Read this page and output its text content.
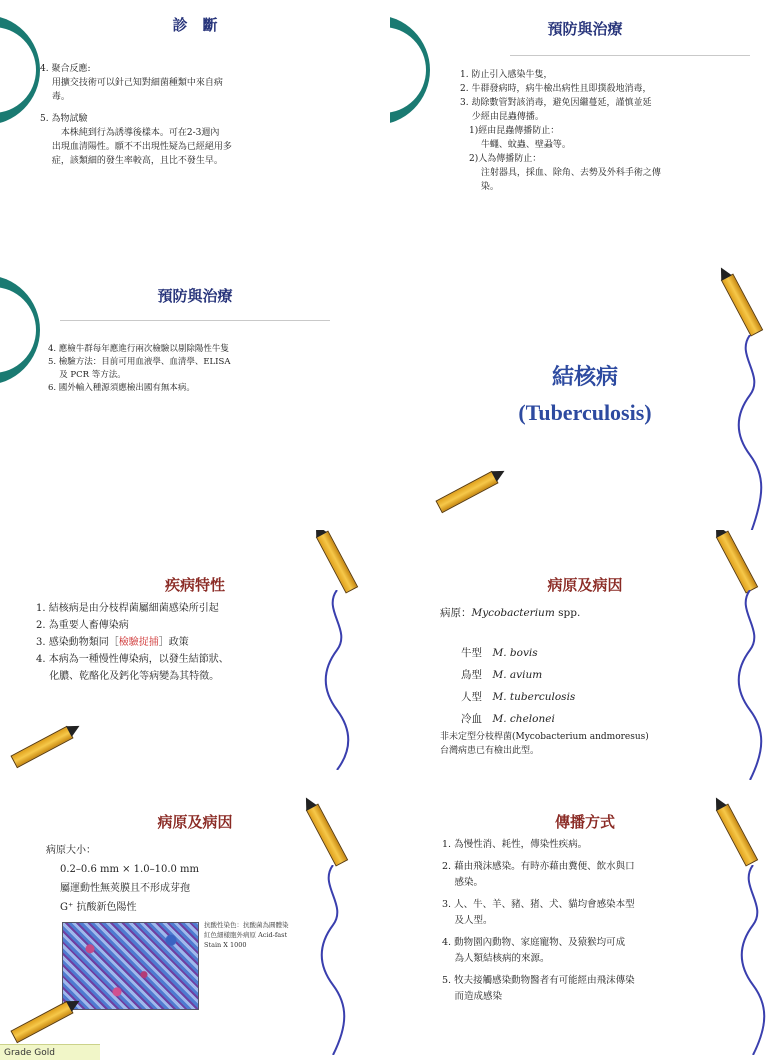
診　斷

4. 聚合反應:

　 用擴交技術可以針己知對細菌種類中來自病

　 毒。

5. 為物試驗

　 　本株純到行為誘導後樣本。可在2-3週內

　 出現血清陽性。願不不出現性疑為已經絕用多

　 症，該類細的發生率較高，且比不發生早。

預防與治療

1. 防止引入感染牛隻，

2. 牛群發病時，病牛檢出病性且即撲殺地消毒，

3. 劫除數管對該消毒，避免因繼蔓延，謹慎並延

　 少經由昆蟲傳播。

　1)經由昆蟲傳播防止：

　　 牛蠅、蚊蟲、壁蝨等。

　2)人為傳播防止：

　　 注射器具，採血、除角、去勢及外科手術之傳

　　 染。

預防與治療

4. 應檢牛群每年應進行兩次檢驗以剔除陽性牛隻

5. 檢驗方法：目前可用血液學、血清學、ELISA

　 及 PCR 等方法。

6. 國外輸入種源須應檢出國有無本病。	結核病
(Tuberculosis)
疾病特性

1. 結核病是由分枝桿菌屬細菌感染所引起

2. 為重要人畜傳染病

3. 感染動物類同［檢驗捉捕］政策

4. 本病為一種慢性傳染病，以發生結節狀、

　 化膿、乾酪化及鈣化等病變為其特徵。

病原及病因

病原：Mycobacterium spp.

　　牛型　 M. bovis

　　鳥型　 M. avium

　　人型　 M. tuberculosis

　　冷血　 M. chelonei

非未定型分枝桿菌(Mycobacterium andmoresus)

台灣病患已有檢出此型。

病原及病因

病原大小：

0.2–0.6 mm × 1.0–10.0 mm

屬運動性無莢膜且不形成芽孢

G⁺ 抗酸新色陽性

抗酸性染色：抗酸菌為圓體染紅色細樣胞外病原 Acid-fast Stain X 1000
傳播方式

1. 為慢性消、耗性，傳染性疾病。

2. 藉由飛沫感染。有時亦藉由糞便、飲水與口

　 感染。

3. 人、牛、羊、豬、猪、犬、貓均會感染本型

　 及人型。

4. 動物園內動物、家庭寵物、及猿猴均可成

　 為人類結核病的來源。

5. 牧夫接觸感染動物醫者有可能經由飛沫傳染

　 而造成感染

Grade Gold
